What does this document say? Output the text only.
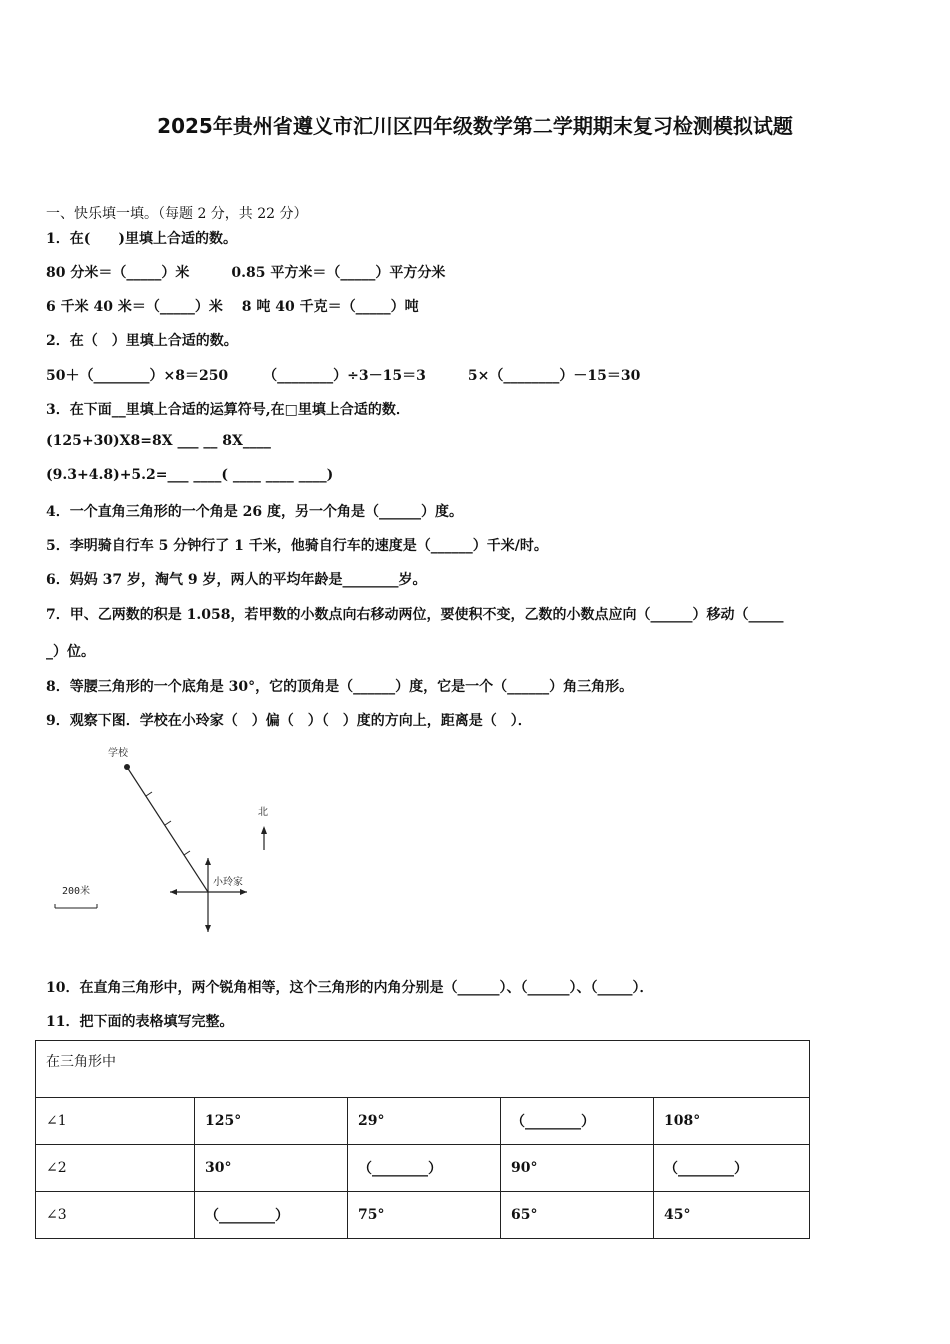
2025年贵州省遵义市汇川区四年级数学第二学期期末复习检测模拟试题
一、快乐填一填。（每题 2 分，共 22 分）
1．在(　　)里填上合适的数。
80 分米＝（_____）米　　　0.85 平方米＝（_____）平方分米
6 千米 40 米＝（_____）米　 8 吨 40 千克＝（_____）吨
2．在（　）里填上合适的数。
50＋（________）×8＝250　　　（________）÷3－15＝3　　　5×（________）－15＝30
3．在下面__里填上合适的运算符号,在□里填上合适的数．
(125+30)X8=8X ___ __ 8X____
(9.3+4.8)+5.2=___ ____( ____ ____ ____)
4．一个直角三角形的一个角是 26 度，另一个角是（______）度。
5．李明骑自行车 5 分钟行了 1 千米，他骑自行车的速度是（______）千米/时。
6．妈妈 37 岁，淘气 9 岁，两人的平均年龄是________岁。
7．甲、乙两数的积是 1.058，若甲数的小数点向右移动两位，要使积不变，乙数的小数点应向（______）移动（_____
_）位。
8．等腰三角形的一个底角是 30°，它的顶角是（______）度，它是一个（______）角三角形。
9．观察下图．学校在小玲家（　）偏（　）（　）度的方向上，距离是（　）．
学校
小玲家
北
200米
10．在直角三角形中，两个锐角相等，这个三角形的内角分别是（______）、（______）、（_____）．
11．把下面的表格填写完整。
在三角形中				
∠1	125°	29°	（________）	108°
∠2	30°	（________）	90°	（________）
∠3	（________）	75°	65°	45°
